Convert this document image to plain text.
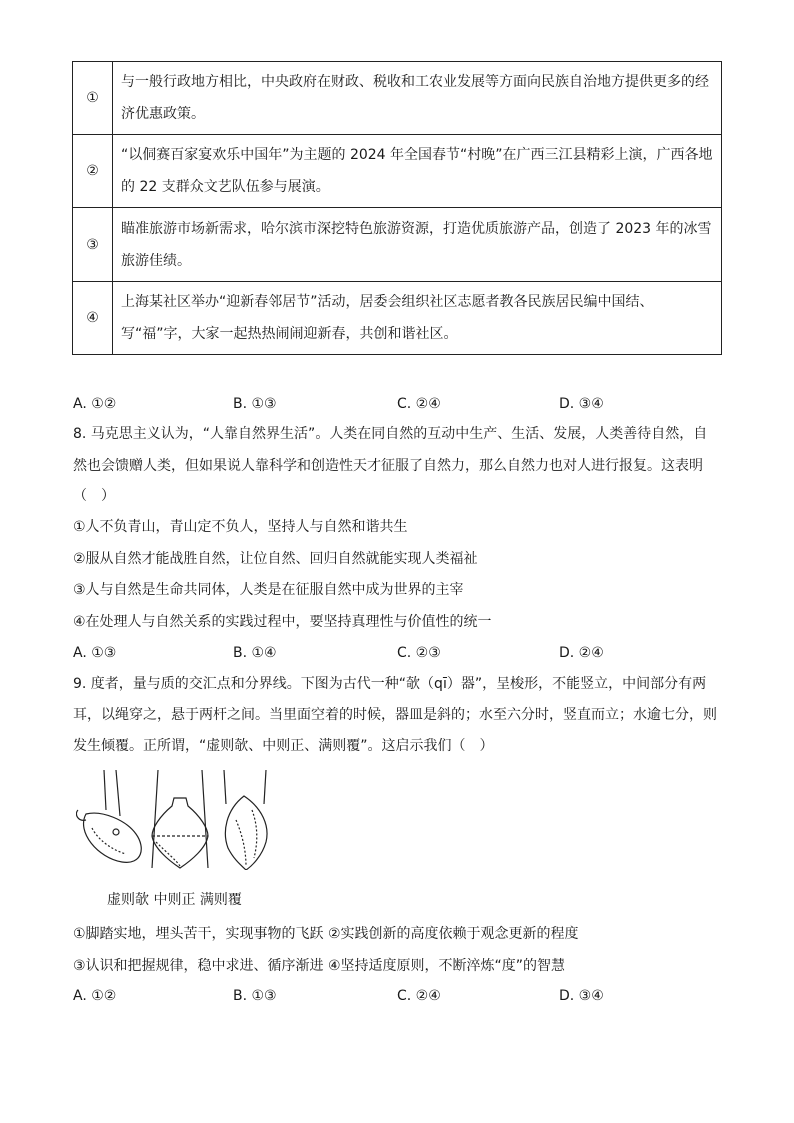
①	与一般行政地方相比，中央政府在财政、税收和工农业发展等方面向民族自治地方提供更多的经济优惠政策。
②	“以侗赛百家宴欢乐中国年”为主题的 2024 年全国春节“村晚”在广西三江县精彩上演，广西各地的 22 支群众文艺队伍参与展演。
③	瞄准旅游市场新需求，哈尔滨市深挖特色旅游资源，打造优质旅游产品，创造了 2023 年的冰雪旅游佳绩。
④	上海某社区举办“迎新春邻居节”活动，居委会组织社区志愿者教各民族居民编中国结、写“福”字，大家一起热热闹闹迎新春，共创和谐社区。
A. ①②	B. ①③	C. ②④	D. ③④
8. 马克思主义认为，“人靠自然界生活”。人类在同自然的互动中生产、生活、发展，人类善待自然，自
然也会馈赠人类，但如果说人靠科学和创造性天才征服了自然力，那么自然力也对人进行报复。这表明
（　）
①人不负青山，青山定不负人，坚持人与自然和谐共生
②服从自然才能战胜自然，让位自然、回归自然就能实现人类福祉
③人与自然是生命共同体，人类是在征服自然中成为世界的主宰
④在处理人与自然关系的实践过程中，要坚持真理性与价值性的统一
A. ①③	B. ①④	C. ②③	D. ②④
9. 度者，量与质的交汇点和分界线。下图为古代一种“欹（qī）器”，呈梭形，不能竖立，中间部分有两
耳，以绳穿之，悬于两杆之间。当里面空着的时候，器皿是斜的；水至六分时，竖直而立；水逾七分，则
发生倾覆。正所谓，“虚则欹、中则正、满则覆”。这启示我们（　）
虚则欹 中则正 满则覆
①脚踏实地，埋头苦干，实现事物的飞跃 ②实践创新的高度依赖于观念更新的程度
③认识和把握规律，稳中求进、循序渐进 ④坚持适度原则，不断淬炼“度”的智慧
A. ①②	B. ①③	C. ②④	D. ③④
